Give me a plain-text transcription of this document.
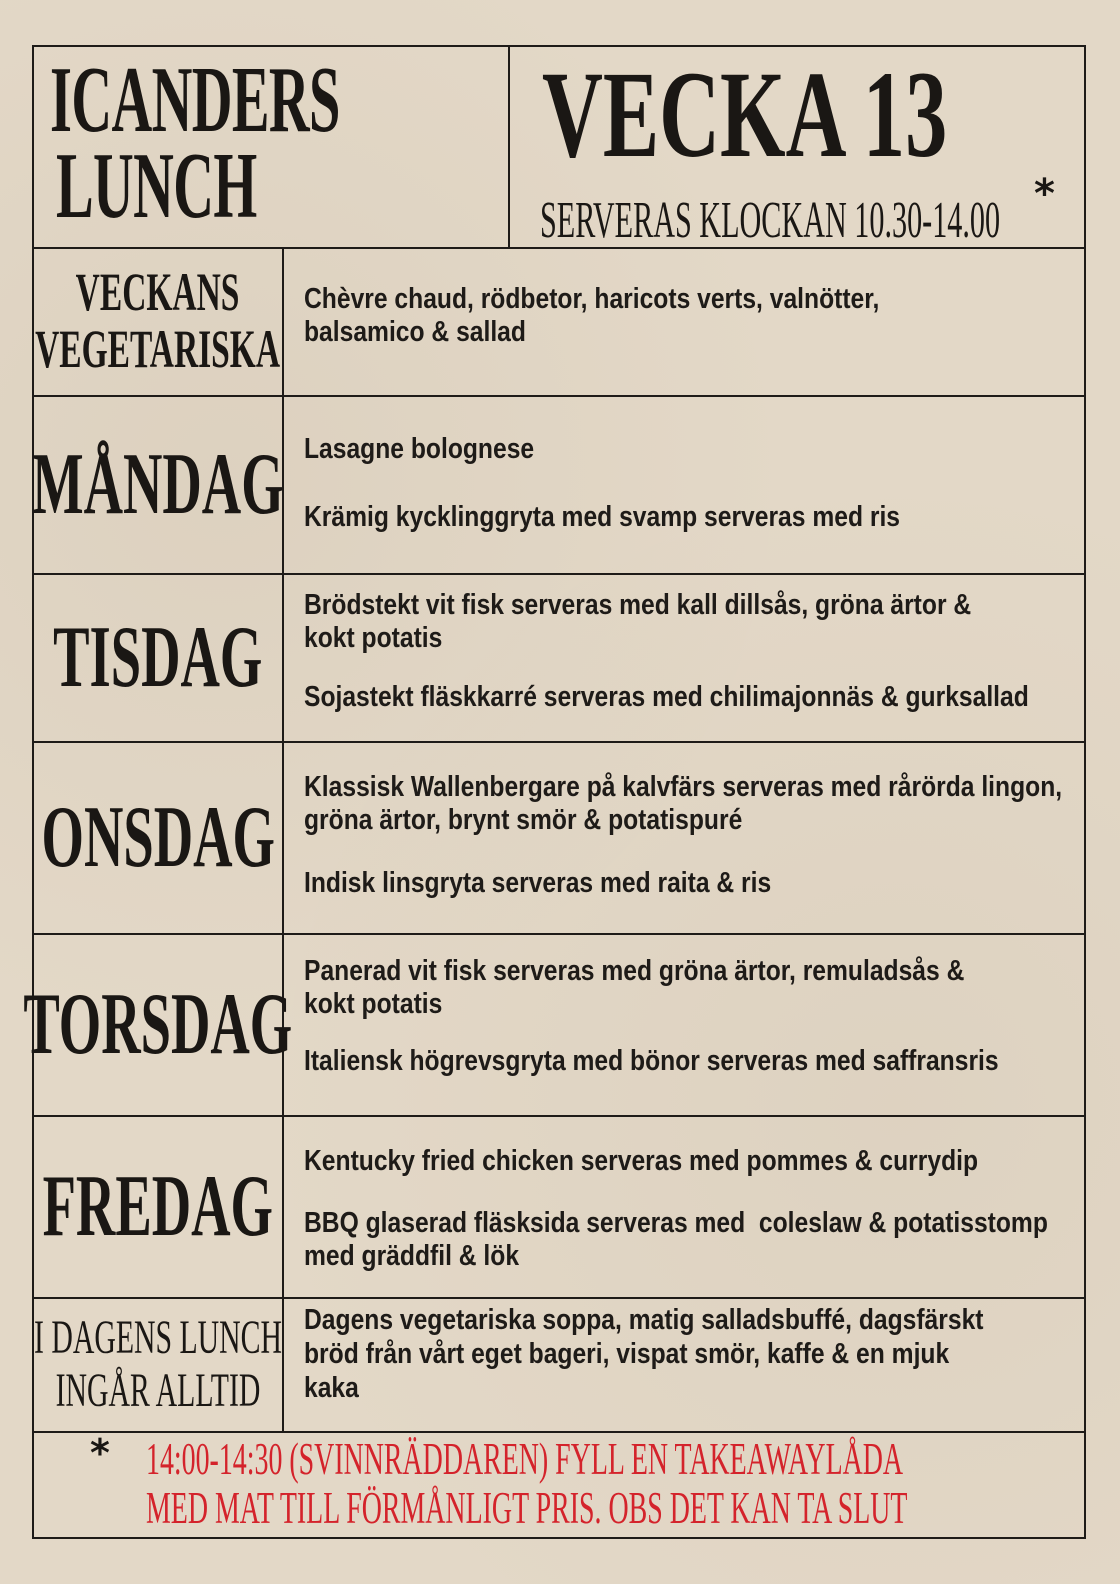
ICANDERS
LUNCH
VECKA 13
SERVERAS KLOCKAN 10.30-14.00 *
VECKANS
VEGETARISKA
Chèvre chaud, rödbetor, haricots verts, valnötter,
balsamico & sallad
MÅNDAG Lasagne bolognese
Krämig kycklinggryta med svamp serveras med ris
TISDAG
Brödstekt vit fisk serveras med kall dillsås, gröna ärtor &
kokt potatis
Sojastekt fläskkarré serveras med chilimajonnäs & gurksallad
ONSDAG
Klassisk Wallenbergare på kalvfärs serveras med rårörda lingon,
gröna ärtor, brynt smör & potatispuré
Indisk linsgryta serveras med raita & ris
TORSDAG
Panerad vit fisk serveras med gröna ärtor, remuladsås &
kokt potatis
Italiensk högrevsgryta med bönor serveras med saffransris
FREDAG Kentucky fried chicken serveras med pommes & currydip
BBQ glaserad fläsksida serveras med  coleslaw & potatisstomp
med gräddfil & lök
I DAGENS LUNCH
INGÅR ALLTID
Dagens vegetariska soppa, matig salladsbuffé, dagsfärskt
bröd från vårt eget bageri, vispat smör, kaffe & en mjuk
kaka
* 14:00-14:30 (SVINNRÄDDAREN) FYLL EN TAKEAWAYLÅDA
MED MAT TILL FÖRMÅNLIGT PRIS. OBS DET KAN TA SLUT
